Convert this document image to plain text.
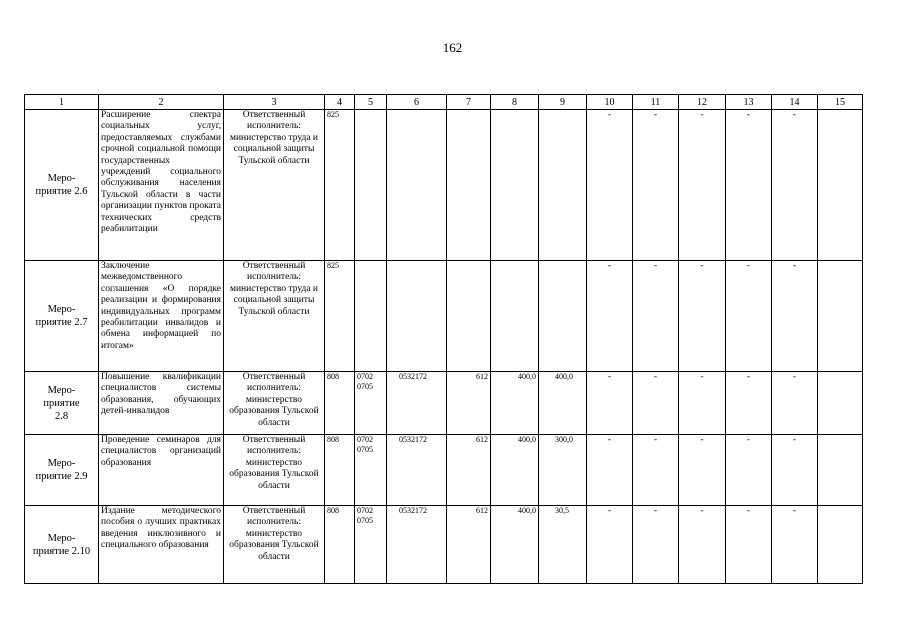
162
1	2	3	4	5	6	7	8	9	10	11	12	13	14	15
Меро-
приятие 2.6	Расширение спектра социальных услуг, предоставляемых службами срочной социальной помощи государственных учреждений социального обслуживания населения Тульской области в части организации пунктов проката технических средств реабилитации	Ответственный исполнитель: министерство труда и социальной защиты Тульской области	825						-	-	-	-	-	
Меро-
приятие 2.7	Заключение межведомственного соглашения «О порядке реализации и формирования индивидуальных программ реабилитации инвалидов и обмена информацией по итогам»	Ответственный исполнитель: министерство труда и социальной защиты Тульской области	825						-	-	-	-	-	
Меро-
приятие
2.8	Повышение квалификации специалистов системы образования, обучающих детей-инвалидов	Ответственный исполнитель: министерство образования Тульской области	808	0702
0705	0532172	612	400,0	400,0	-	-	-	-	-	
Меро-
приятие 2.9	Проведение семинаров для специалистов организаций образования	Ответственный исполнитель: министерство образования Тульской области	808	0702
0705	0532172	612	400,0	300,0	-	-	-	-	-	
Меро-
приятие 2.10	Издание методического пособия о лучших практиках введения инклюзивного и специального образования	Ответственный исполнитель: министерство образования Тульской области	808	0702
0705	0532172	612	400,0	30,5	-	-	-	-	-	
